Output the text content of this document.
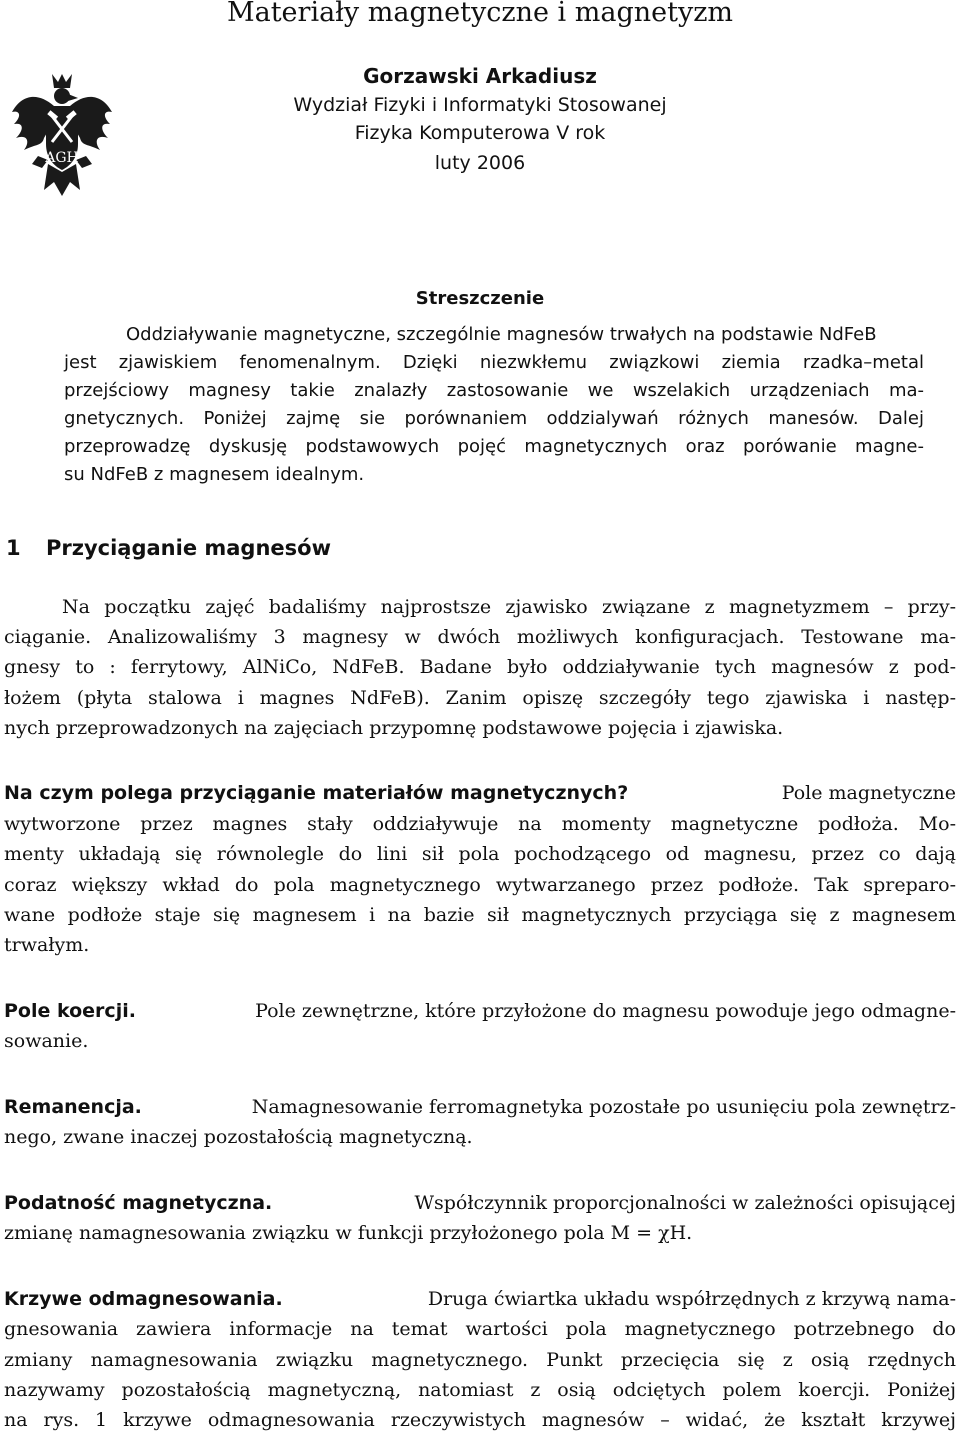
Materiały magnetyczne i magnetyzm
AGH
Gorzawski Arkadiusz
Wydział Fizyki i Informatyki Stosowanej
Fizyka Komputerowa V rok
luty 2006
Streszczenie
Oddziaływanie magnetyczne, szczególnie magnesów trwałych na podstawie NdFeB
jest zjawiskiem fenomenalnym. Dzięki niezwkłemu związkowi ziemia rzadka–metal
przejściowy magnesy takie znalazły zastosowanie we wszelakich urządzeniach ma-
gnetycznych. Poniżej zajmę sie porównaniem oddzialywań różnych manesów. Dalej
przeprowadzę dyskusję podstawowych pojęć magnetycznych oraz porówanie magne-
su NdFeB z magnesem idealnym.
1 Przyciąganie magnesów
Na początku zajęć badaliśmy najprostsze zjawisko związane z magnetyzmem – przy-
ciąganie. Analizowaliśmy 3 magnesy w dwóch możliwych konfiguracjach. Testowane ma-
gnesy to : ferrytowy, AlNiCo, NdFeB. Badane było oddziaływanie tych magnesów z pod-
łożem (płyta stalowa i magnes NdFeB). Zanim opiszę szczegóły tego zjawiska i następ-
nych przeprowadzonych na zajęciach przypomnę podstawowe pojęcia i zjawiska.
Na czym polega przyciąganie materiałów magnetycznych?	Pole magnetyczne
wytworzone przez magnes stały oddziaływuje na momenty magnetyczne podłoża. Mo-
menty układają się równolegle do lini sił pola pochodzącego od magnesu, przez co dają
coraz większy wkład do pola magnetycznego wytwarzanego przez podłoże. Tak spreparo-
wane podłoże staje się magnesem i na bazie sił magnetycznych przyciąga się z magnesem
trwałym.
Pole koercji.	Pole zewnętrzne, które przyłożone do magnesu powoduje jego odmagne-
sowanie.
Remanencja.	Namagnesowanie ferromagnetyka pozostałe po usunięciu pola zewnętrz-
nego, zwane inaczej pozostałością magnetyczną.
Podatność magnetyczna.	Współczynnik proporcjonalności w zależności opisującej
zmianę namagnesowania związku w funkcji przyłożonego pola M = χH.
Krzywe odmagnesowania.	Druga ćwiartka układu współrzędnych z krzywą nama-
gnesowania zawiera informacje na temat wartości pola magnetycznego potrzebnego do
zmiany namagnesowania związku magnetycznego. Punkt przecięcia się z osią rzędnych
nazywamy pozostałością magnetyczną, natomiast z osią odciętych polem koercji. Poniżej
na rys. 1 krzywe odmagnesowania rzeczywistych magnesów – widać, że kształt krzywej
